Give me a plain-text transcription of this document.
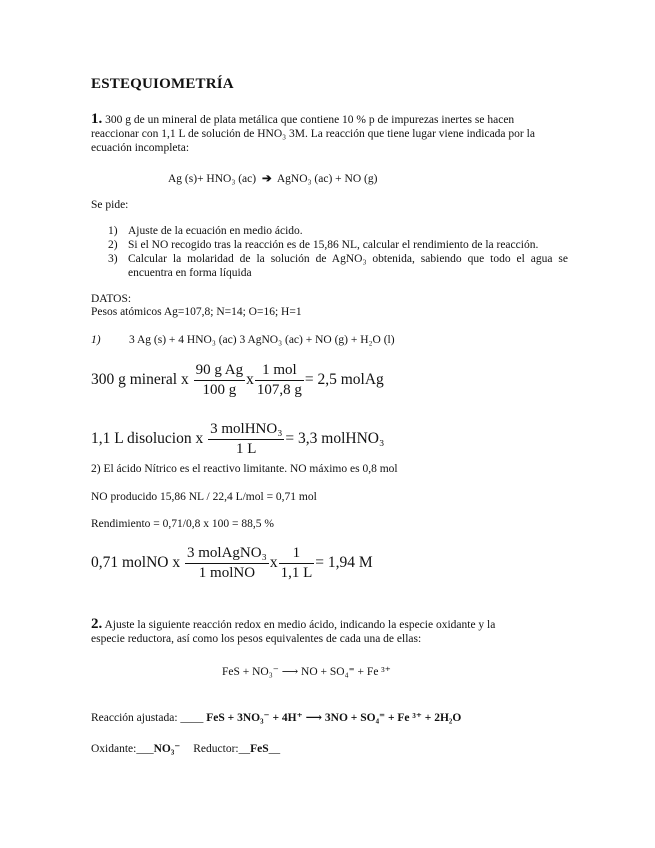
ESTEQUIOMETRÍA
1. 300 g de un mineral de plata metálica que contiene 10 % p de impurezas inertes se hacen
reaccionar con 1,1 L de solución de HNO₃ 3M. La reacción que tiene lugar viene indicada por la
ecuación incompleta:
Ag (s)+ HNO₃ (ac) ➔ AgNO₃ (ac) + NO (g)
Se pide:
1) Ajuste de la ecuación en medio ácido.
2) Si el NO recogido tras la reacción es de 15,86 NL, calcular el rendimiento de la reacción.
3) Calcular la molaridad de la solución de AgNO₃ obtenida, sabiendo que todo el agua se encuentra en forma líquida
DATOS:
Pesos atómicos Ag=107,8; N=14; O=16; H=1
1) 3 Ag (s) + 4 HNO₃ (ac) 3 AgNO₃ (ac) + NO (g) + H₂O (l)
300 g mineral x $\frac{\text{90 g Ag}}{100 g}$ x $\frac{\text{1 mol}}{107,8 g} = 2,5$ molAg
1,1 L disolucion x $\frac{\text{3 molHNO₃}}{1 L} = 3,3$ molHNO₃
2) El ácido Nítrico es el reactivo limitante. NO máximo es 0,8 mol
NO producido 15,86 NL / 22,4 L/mol = 0,71 mol
Rendimiento = 0,71/0,8 x 100 = 88,5 %
0,71 molNO x $\frac{\text{3 molAgNO₃}}{\text{1 molNO}}$ x $\frac{1}{1,1 L} = 1,94$ M
2. Ajuste la siguiente reacción redox en medio ácido, indicando la especie oxidante y la
especie reductora, así como los pesos equivalentes de cada una de ellas:
FeS + NO₃⁻ ⟶ NO + SO₄⁼ + Fe ³⁺
Reacción ajustada: ____ FeS + 3NO₃⁻ + 4H⁺ ⟶ 3NO + SO₄⁼ + Fe ³⁺ + 2H₂O
Oxidante:___NO₃⁻ Reductor:__FeS__
